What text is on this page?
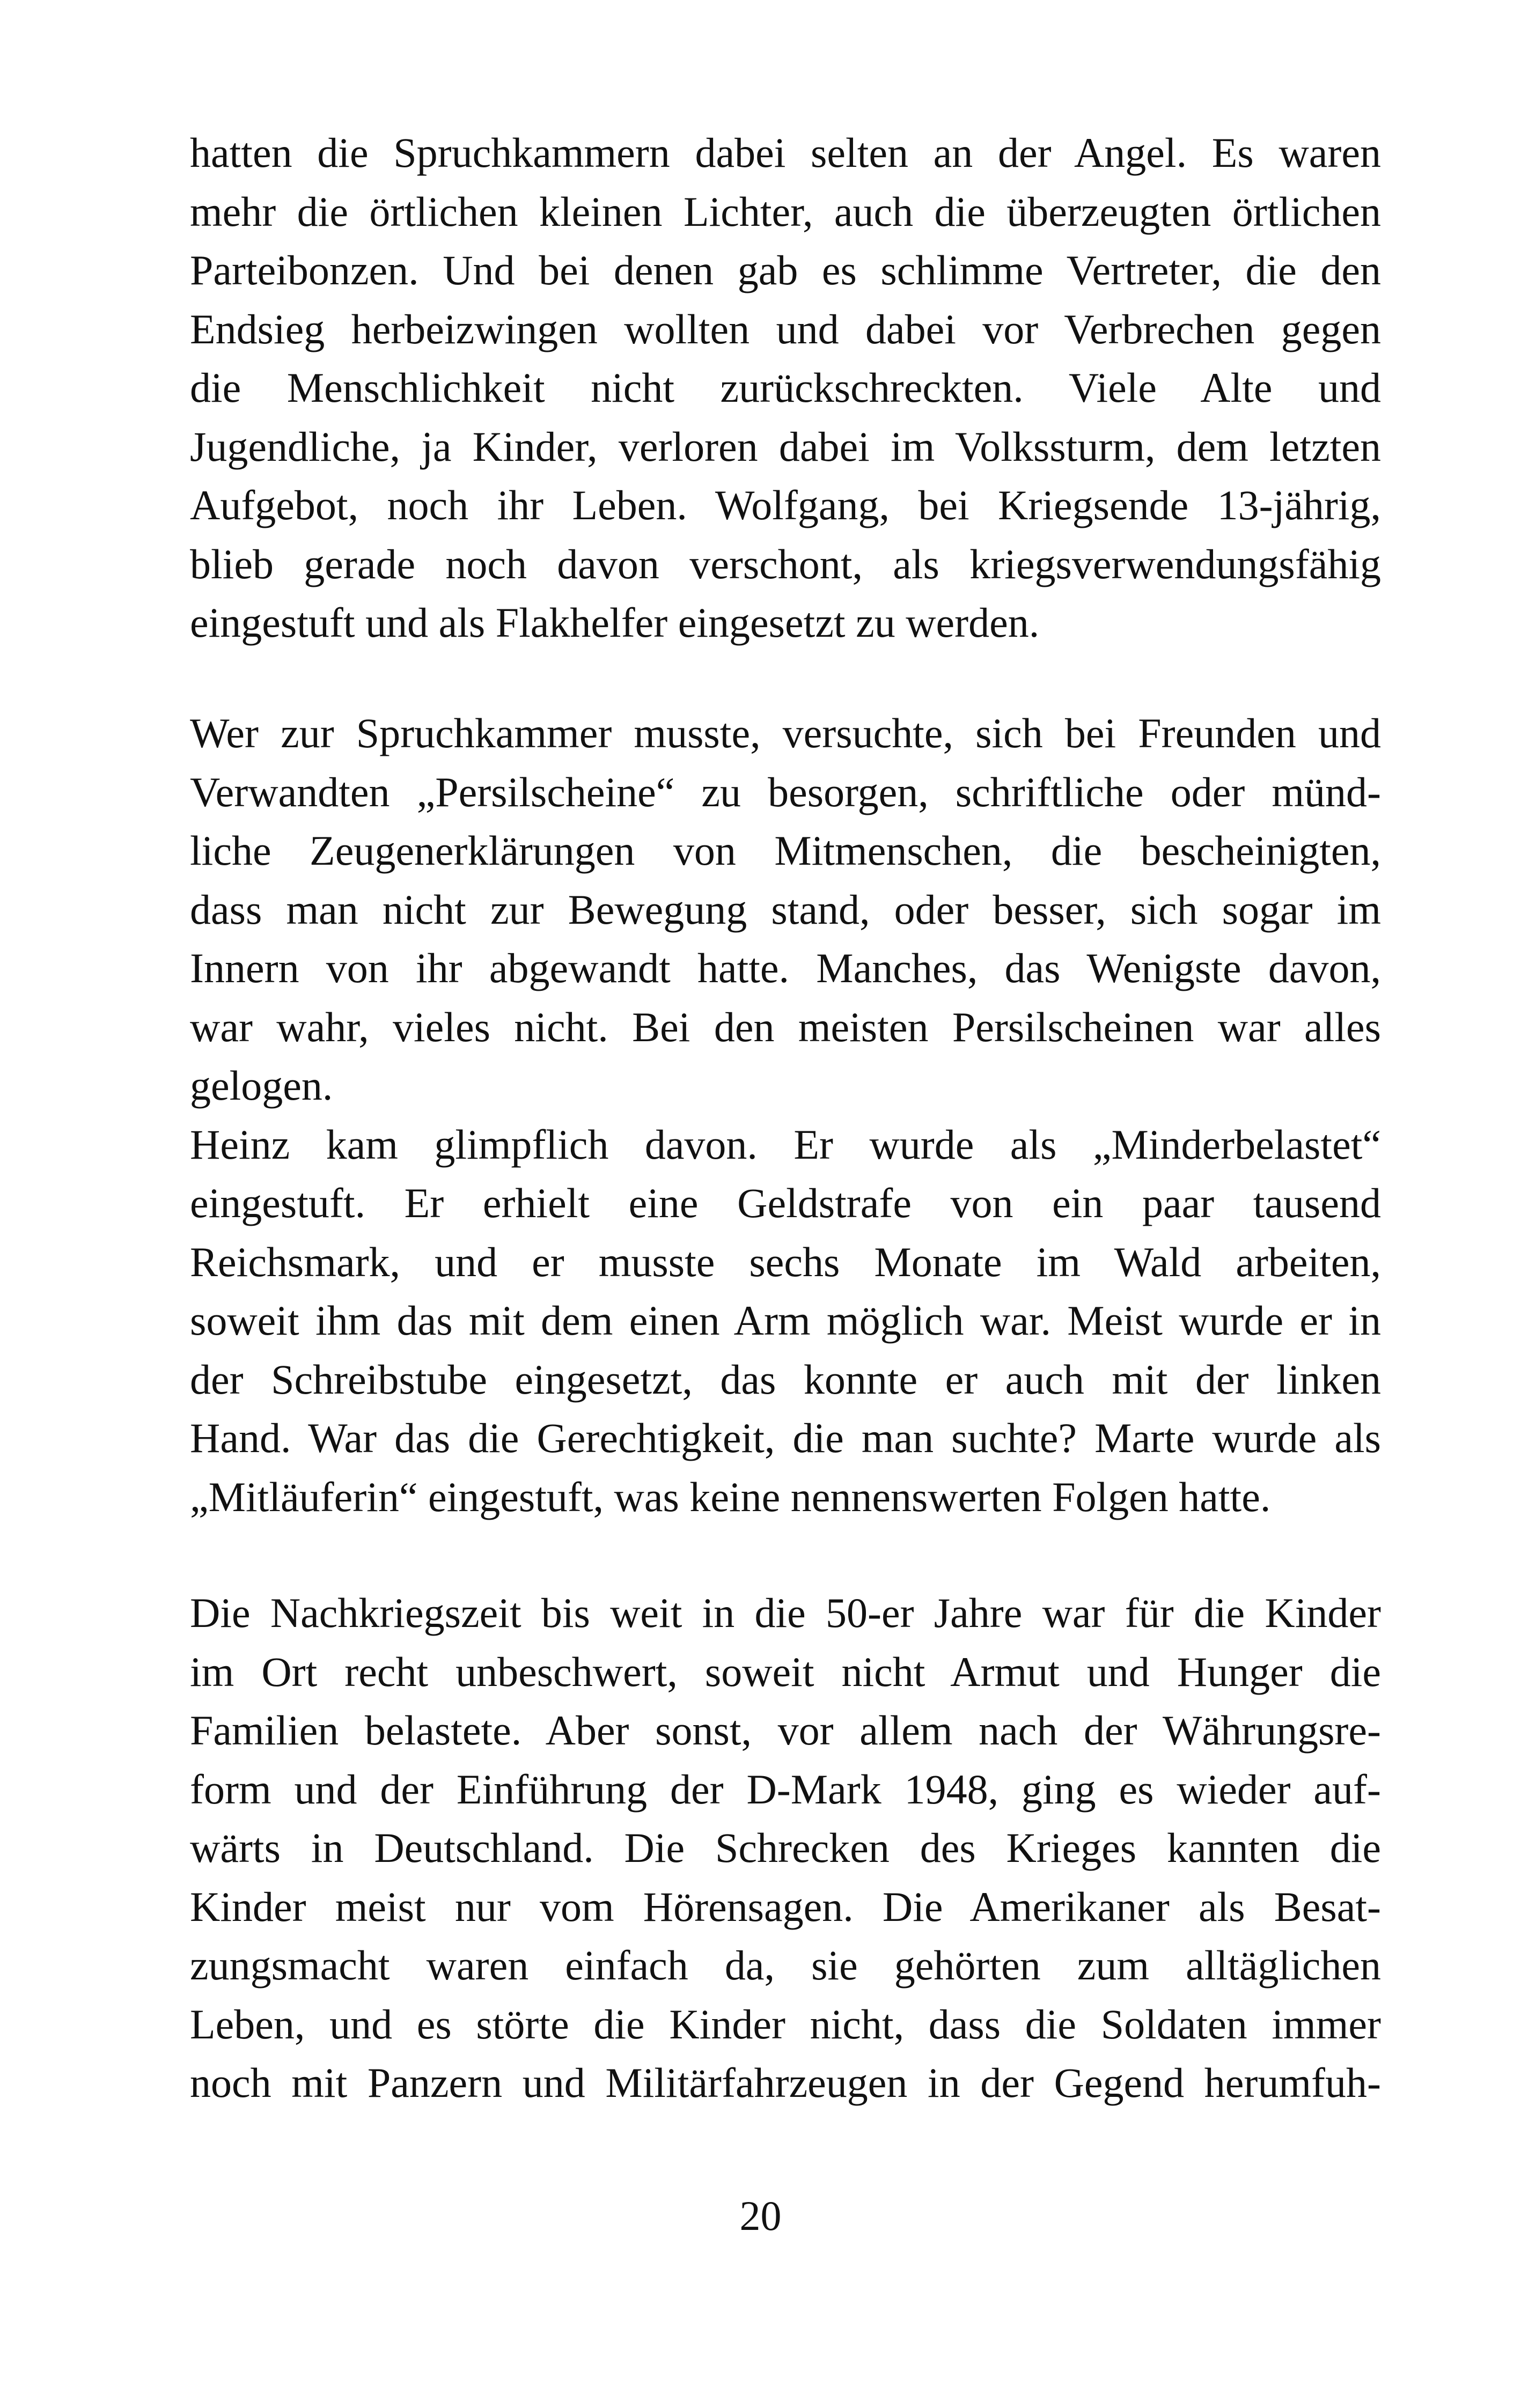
hatten die Spruchkammern dabei selten an der Angel. Es waren
mehr die örtlichen kleinen Lichter, auch die überzeugten örtlichen
Parteibonzen. Und bei denen gab es schlimme Vertreter, die den
Endsieg herbeizwingen wollten und dabei vor Verbrechen gegen
die Menschlichkeit nicht zurückschreckten. Viele Alte und
Jugendliche, ja Kinder, verloren dabei im Volkssturm, dem letzten
Aufgebot, noch ihr Leben. Wolfgang, bei Kriegsende 13-jährig,
blieb gerade noch davon verschont, als kriegsverwendungsfähig
eingestuft und als Flakhelfer eingesetzt zu werden.
Wer zur Spruchkammer musste, versuchte, sich bei Freunden und
Verwandten „Persilscheine“ zu besorgen, schriftliche oder münd-
liche Zeugenerklärungen von Mitmenschen, die bescheinigten,
dass man nicht zur Bewegung stand, oder besser, sich sogar im
Innern von ihr abgewandt hatte. Manches, das Wenigste davon,
war wahr, vieles nicht. Bei den meisten Persilscheinen war alles
gelogen.
Heinz kam glimpflich davon. Er wurde als „Minderbelastet“
eingestuft. Er erhielt eine Geldstrafe von ein paar tausend
Reichsmark, und er musste sechs Monate im Wald arbeiten,
soweit ihm das mit dem einen Arm möglich war. Meist wurde er in
der Schreibstube eingesetzt, das konnte er auch mit der linken
Hand. War das die Gerechtigkeit, die man suchte? Marte wurde als
„Mitläuferin“ eingestuft, was keine nennenswerten Folgen hatte.
Die Nachkriegszeit bis weit in die 50-er Jahre war für die Kinder
im Ort recht unbeschwert, soweit nicht Armut und Hunger die
Familien belastete. Aber sonst, vor allem nach der Währungsre-
form und der Einführung der D-Mark 1948, ging es wieder auf-
wärts in Deutschland. Die Schrecken des Krieges kannten die
Kinder meist nur vom Hörensagen. Die Amerikaner als Besat-
zungsmacht waren einfach da, sie gehörten zum alltäglichen
Leben, und es störte die Kinder nicht, dass die Soldaten immer
noch mit Panzern und Militärfahrzeugen in der Gegend herumfuh-
20
